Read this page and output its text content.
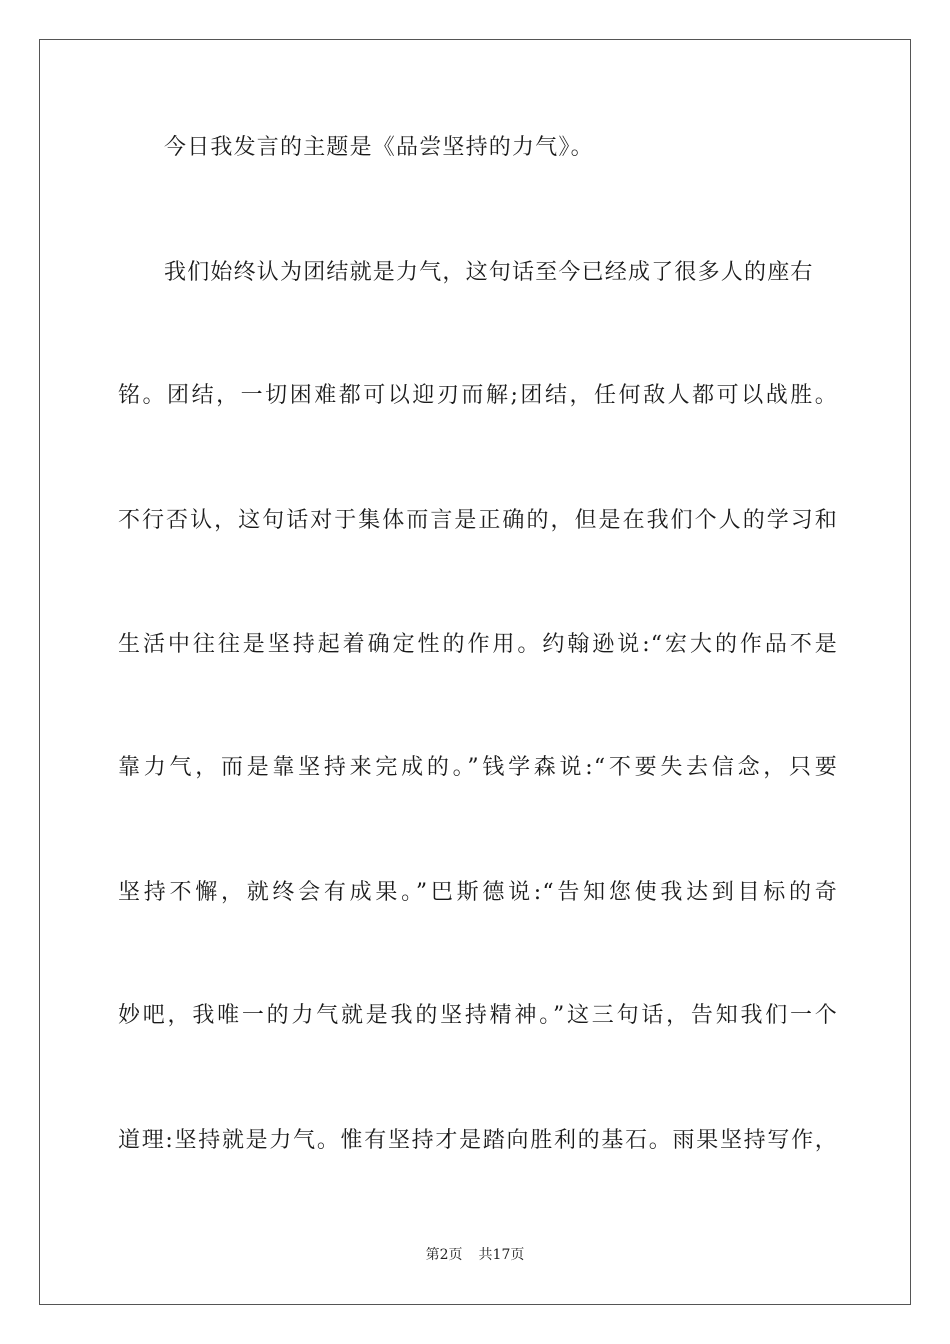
今日我发言的主题是《品尝坚持的力气》。
我们始终认为团结就是力气，这句话至今已经成了很多人的座右
铭。团结，一切困难都可以迎刃而解;团结，任何敌人都可以战胜。
不行否认，这句话对于集体而言是正确的，但是在我们个人的学习和
生活中往往是坚持起着确定性的作用。约翰逊说:“宏大的作品不是
靠力气，而是靠坚持来完成的。”钱学森说:“不要失去信念，只要
坚持不懈，就终会有成果。”巴斯德说:“告知您使我达到目标的奇
妙吧，我唯一的力气就是我的坚持精神。”这三句话，告知我们一个
道理:坚持就是力气。惟有坚持才是踏向胜利的基石。雨果坚持写作，
第2页 共17页
